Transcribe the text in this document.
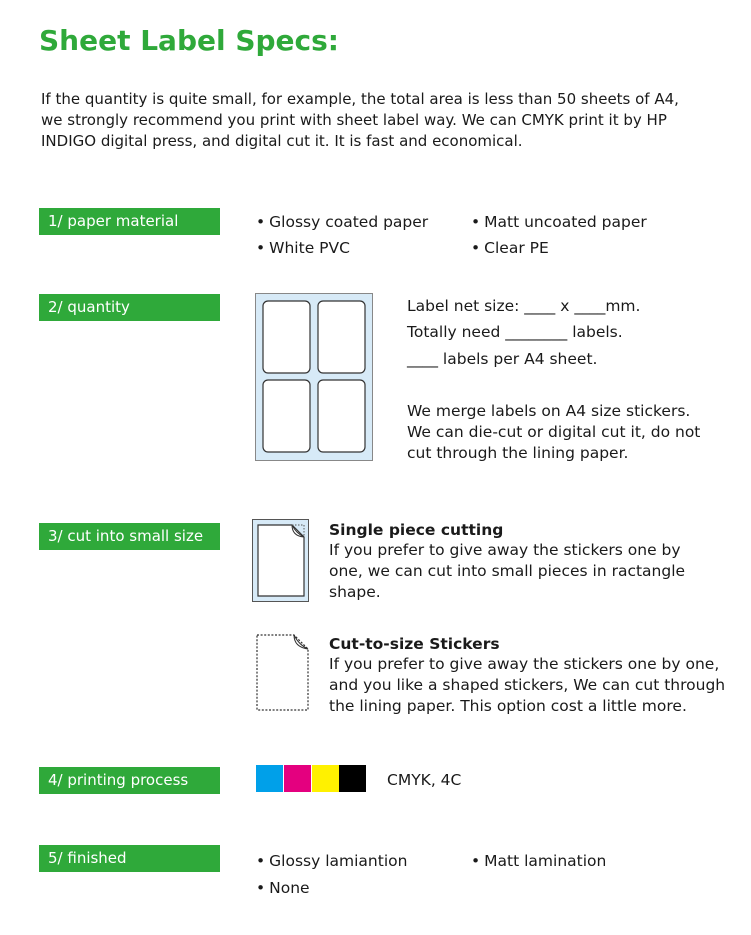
Sheet Label Specs:
If the quantity is quite small, for example, the total area is less than 50 sheets of A4,
we strongly recommend you print with sheet label way. We can CMYK print it by HP
INDIGO digital press, and digital cut it. It is fast and economical.
1/ paper material	• Glossy coated paper	• Matt uncoated paper
• White PVC	• Clear PE
2/ quantity	Label net size: ____ x ____mm.
Totally need ________ labels.
____ labels per A4 sheet.
We merge labels on A4 size stickers.
We can die-cut or digital cut it, do not
cut through the lining paper.
3/ cut into small size	Single piece cutting
If you prefer to give away the stickers one by
one, we can cut into small pieces in ractangle
shape.
Cut-to-size Stickers
If you prefer to give away the stickers one by one,
and you like a shaped stickers, We can cut through
the lining paper. This option cost a little more.
4/ printing process	CMYK, 4C
5/ finished	• Glossy lamiantion	• Matt lamination
• None
